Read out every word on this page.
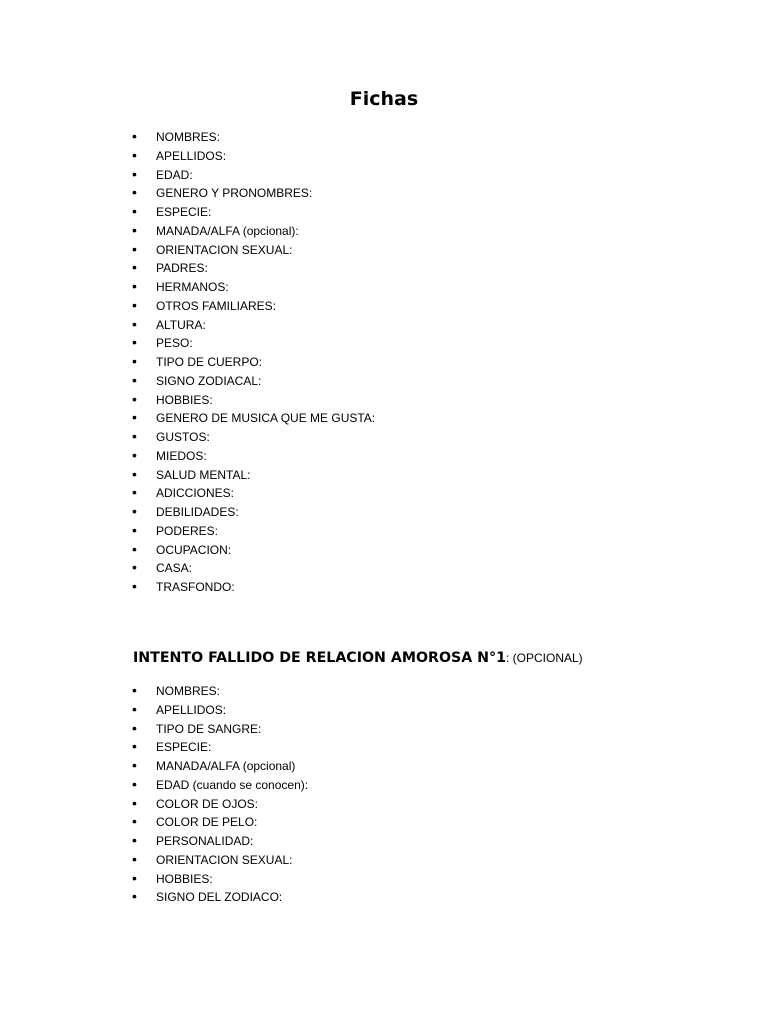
Fichas
•	NOMBRES:
•	APELLIDOS:
•	EDAD:
•	GENERO Y PRONOMBRES:
•	ESPECIE:
•	MANADA/ALFA (opcional):
•	ORIENTACION SEXUAL:
•	PADRES:
•	HERMANOS:
•	OTROS FAMILIARES:
•	ALTURA:
•	PESO:
•	TIPO DE CUERPO:
•	SIGNO ZODIACAL:
•	HOBBIES:
•	GENERO DE MUSICA QUE ME GUSTA:
•	GUSTOS:
•	MIEDOS:
•	SALUD MENTAL:
•	ADICCIONES:
•	DEBILIDADES:
•	PODERES:
•	OCUPACION:
•	CASA:
•	TRASFONDO:
INTENTO FALLIDO DE RELACION AMOROSA N°1: (OPCIONAL)
•	NOMBRES:
•	APELLIDOS:
•	TIPO DE SANGRE:
•	ESPECIE:
•	MANADA/ALFA (opcional)
•	EDAD (cuando se conocen):
•	COLOR DE OJOS:
•	COLOR DE PELO:
•	PERSONALIDAD:
•	ORIENTACION SEXUAL:
•	HOBBIES:
•	SIGNO DEL ZODIACO:
